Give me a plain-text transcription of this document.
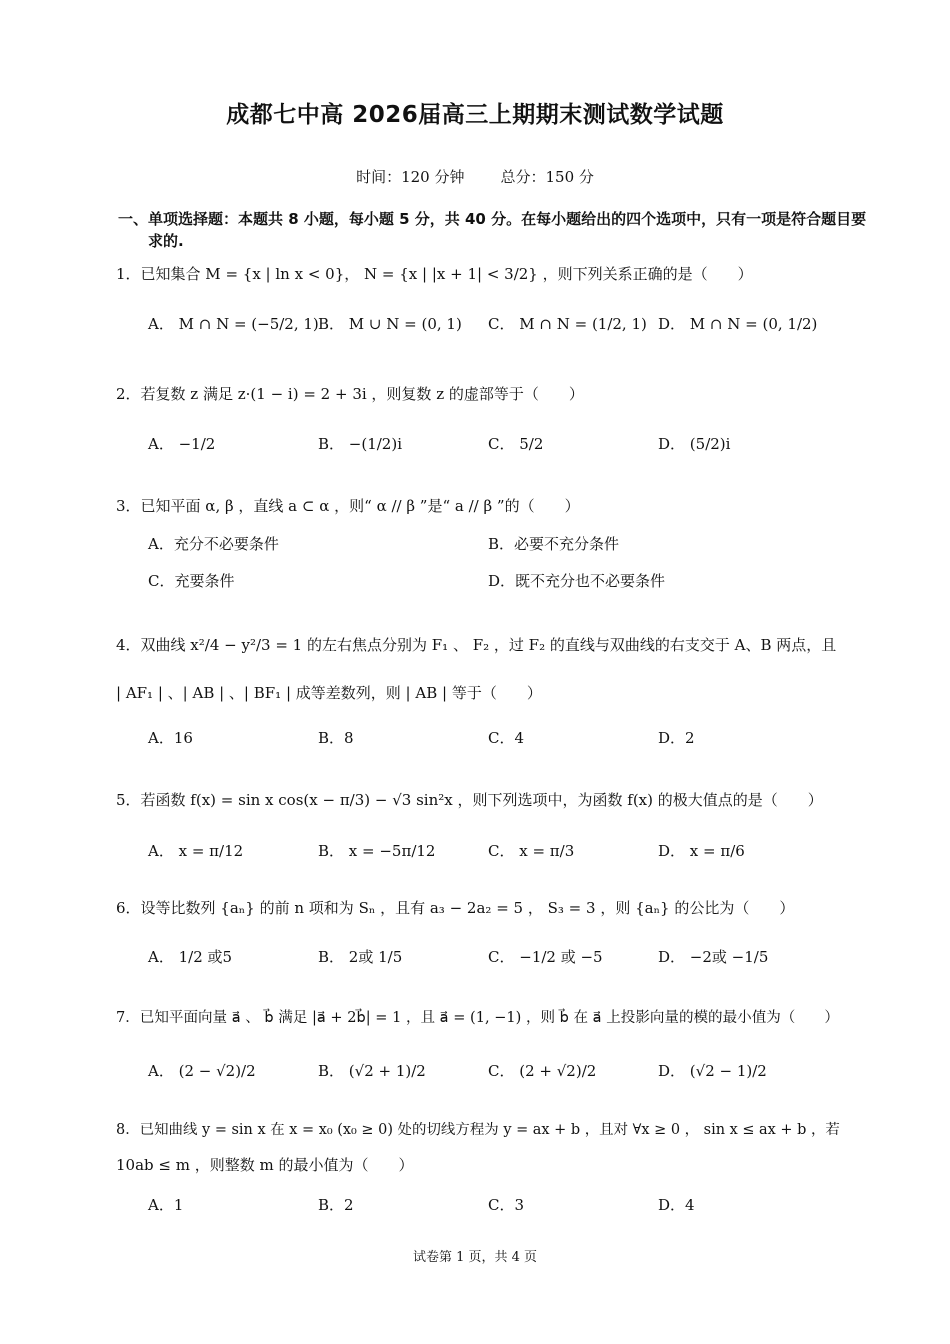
成都七中高 2026届高三上期期末测试数学试题
时间：120 分钟 总分：150 分
一、单项选择题：本题共 8 小题，每小题 5 分，共 40 分。在每小题给出的四个选项中，只有一项是符合题目要求的.
1．已知集合 M = {x | ln x < 0}， N = {x | |x + 1| < 3/2} ，则下列关系正确的是（　　）
A． M ∩ N = (−5/2, 1) B． M ∪ N = (0, 1) C． M ∩ N = (1/2, 1) D． M ∩ N = (0, 1/2)
2．若复数 z 满足 z·(1 − i) = 2 + 3i ，则复数 z 的虚部等于（　　）
A． −1/2	B． −(1/2)i	C． 5/2	D． (5/2)i
3．已知平面 α, β ，直线 a ⊂ α ，则“ α // β ”是“ a // β ”的（　　）
A．充分不必要条件	B．必要不充分条件
C．充要条件	D．既不充分也不必要条件
4．双曲线 x²/4 − y²/3 = 1 的左右焦点分别为 F₁ 、 F₂ ，过 F₂ 的直线与双曲线的右支交于 A、B 两点，且
| AF₁ | 、| AB | 、| BF₁ | 成等差数列，则 | AB | 等于（　　）
A．16	B．8	C．4	D．2
5．若函数 f(x) = sin x cos(x − π/3) − √3 sin²x ，则下列选项中，为函数 f(x) 的极大值点的是（　　）
A． x = π/12	B． x = −5π/12	C． x = π/3	D． x = π/6
6．设等比数列 {aₙ} 的前 n 项和为 Sₙ ，且有 a₃ − 2a₂ = 5 ， S₃ = 3 ，则 {aₙ} 的公比为（　　）
A． 1/2 或5	B． 2或 1/5	C． −1/2 或 −5	D． −2或 −1/5
7．已知平面向量 a⃗ 、 b⃗ 满足 |a⃗ + 2b⃗| = 1 ，且 a⃗ = (1, −1) ，则 b⃗ 在 a⃗ 上投影向量的模的最小值为（　　）
A． (2 − √2)/2	B． (√2 + 1)/2	C． (2 + √2)/2	D． (√2 − 1)/2
8．已知曲线 y = sin x 在 x = x₀ (x₀ ≥ 0) 处的切线方程为 y = ax + b ，且对 ∀x ≥ 0 ， sin x ≤ ax + b ，若
10ab ≤ m ，则整数 m 的最小值为（　　）
A．1	B．2	C．3	D．4
试卷第 1 页，共 4 页
